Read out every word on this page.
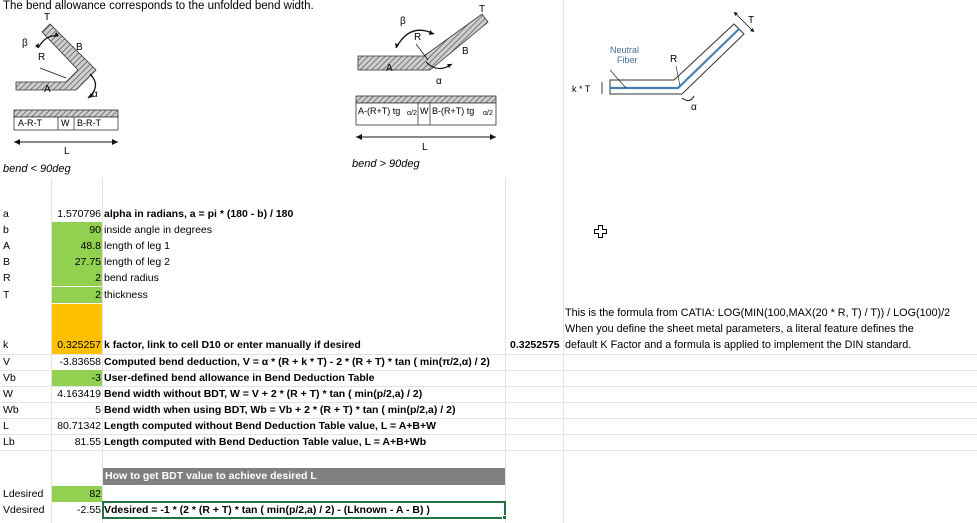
The bend allowance corresponds to the unfolded bend width.
T
β
R
B
A	α
A-R-T W B-R-T
L
bend < 90deg
T
β
R
B
A
α
A-(R+T) tg α/2 W B-(R+T) tg α/2
L
bend > 90deg
T
Neutral
Fiber	R
k * T
α
a	1.570796 alpha in radians, a = pi * (180 - b) / 180
b	90 inside angle in degrees
A	48.8 length of leg 1
B	27.75 length of leg 2
R	2 bend radius
T	2 thickness
k	0.325257 k factor, link to cell D10 or enter manually if desired	0.3252575
This is the formula from CATIA: LOG(MIN(100,MAX(20 * R, T) / T)) / LOG(100)/2
When you define the sheet metal parameters, a literal feature defines the
default K Factor and a formula is applied to implement the DIN standard.
V	-3.83658 Computed bend deduction, V = α * (R + k * T) - 2 * (R + T) * tan ( min(π/2,α) / 2)
Vb	-3 User-defined bend allowance in Bend Deduction Table
W	4.163419 Bend width without BDT, W = V + 2 * (R + T) * tan ( min(p/2,a) / 2)
Wb	5 Bend width when using BDT, Wb = Vb + 2 * (R + T) * tan ( min(p/2,a) / 2)
L	80.71342 Length computed without Bend Deduction Table value, L = A+B+W
Lb	81.55 Length computed with Bend Deduction Table value, L = A+B+Wb
How to get BDT value to achieve desired L
Ldesired	82
Vdesired	-2.55 Vdesired = -1 * (2 * (R + T) * tan ( min(p/2,a) / 2) - (Lknown - A - B) )
